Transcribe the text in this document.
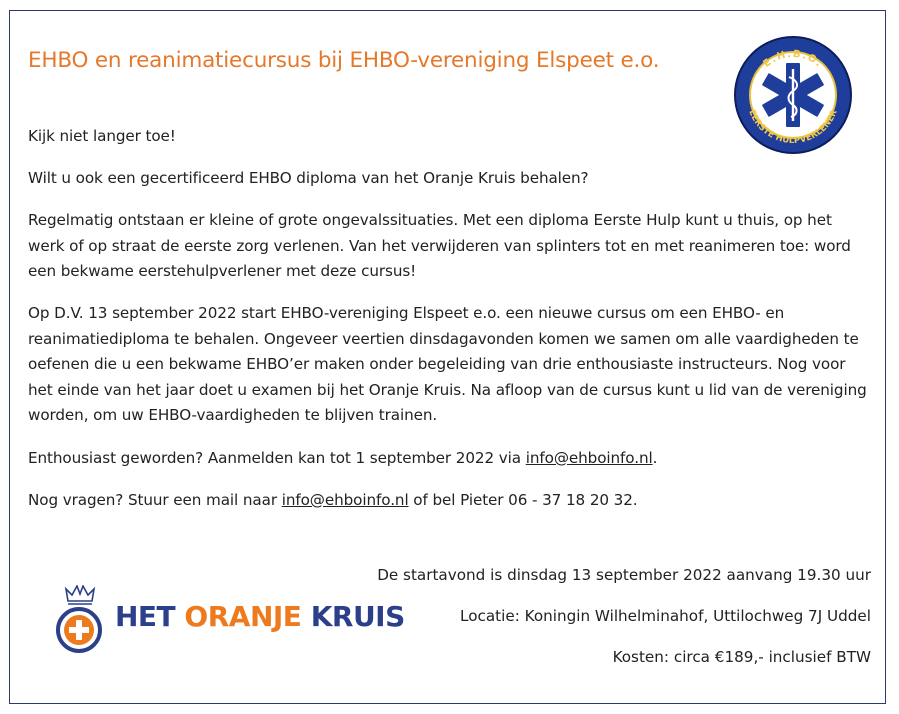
EHBO en reanimatiecursus bij EHBO-vereniging Elspeet e.o.	E.H.B.O.
EERSTE HULPVERLENER

Kijk niet langer toe!

Wilt u ook een gecertificeerd EHBO diploma van het Oranje Kruis behalen?

Regelmatig ontstaan er kleine of grote ongevalssituaties. Met een diploma Eerste Hulp kunt u thuis, op het werk of op straat de eerste zorg verlenen. Van het verwijderen van splinters tot en met reanimeren toe: word een bekwame eerstehulpverlener met deze cursus!

Op D.V. 13 september 2022 start EHBO-vereniging Elspeet e.o. een nieuwe cursus om een EHBO- en reanimatiediploma te behalen. Ongeveer veertien dinsdagavonden komen we samen om alle vaardigheden te oefenen die u een bekwame EHBO’er maken onder begeleiding van drie enthousiaste instructeurs. Nog voor het einde van het jaar doet u examen bij het Oranje Kruis. Na afloop van de cursus kunt u lid van de vereniging worden, om uw EHBO-vaardigheden te blijven trainen.

Enthousiast geworden? Aanmelden kan tot 1 september 2022 via info@ehboinfo.nl.

Nog vragen? Stuur een mail naar info@ehboinfo.nl of bel Pieter 06 - 37 18 20 32.

De startavond is dinsdag 13 september 2022 aanvang 19.30 uur

Locatie: Koningin Wilhelminahof, Uttilochweg 7J Uddel

Kosten: circa €189,- inclusief BTW

HET ORANJE KRUIS
